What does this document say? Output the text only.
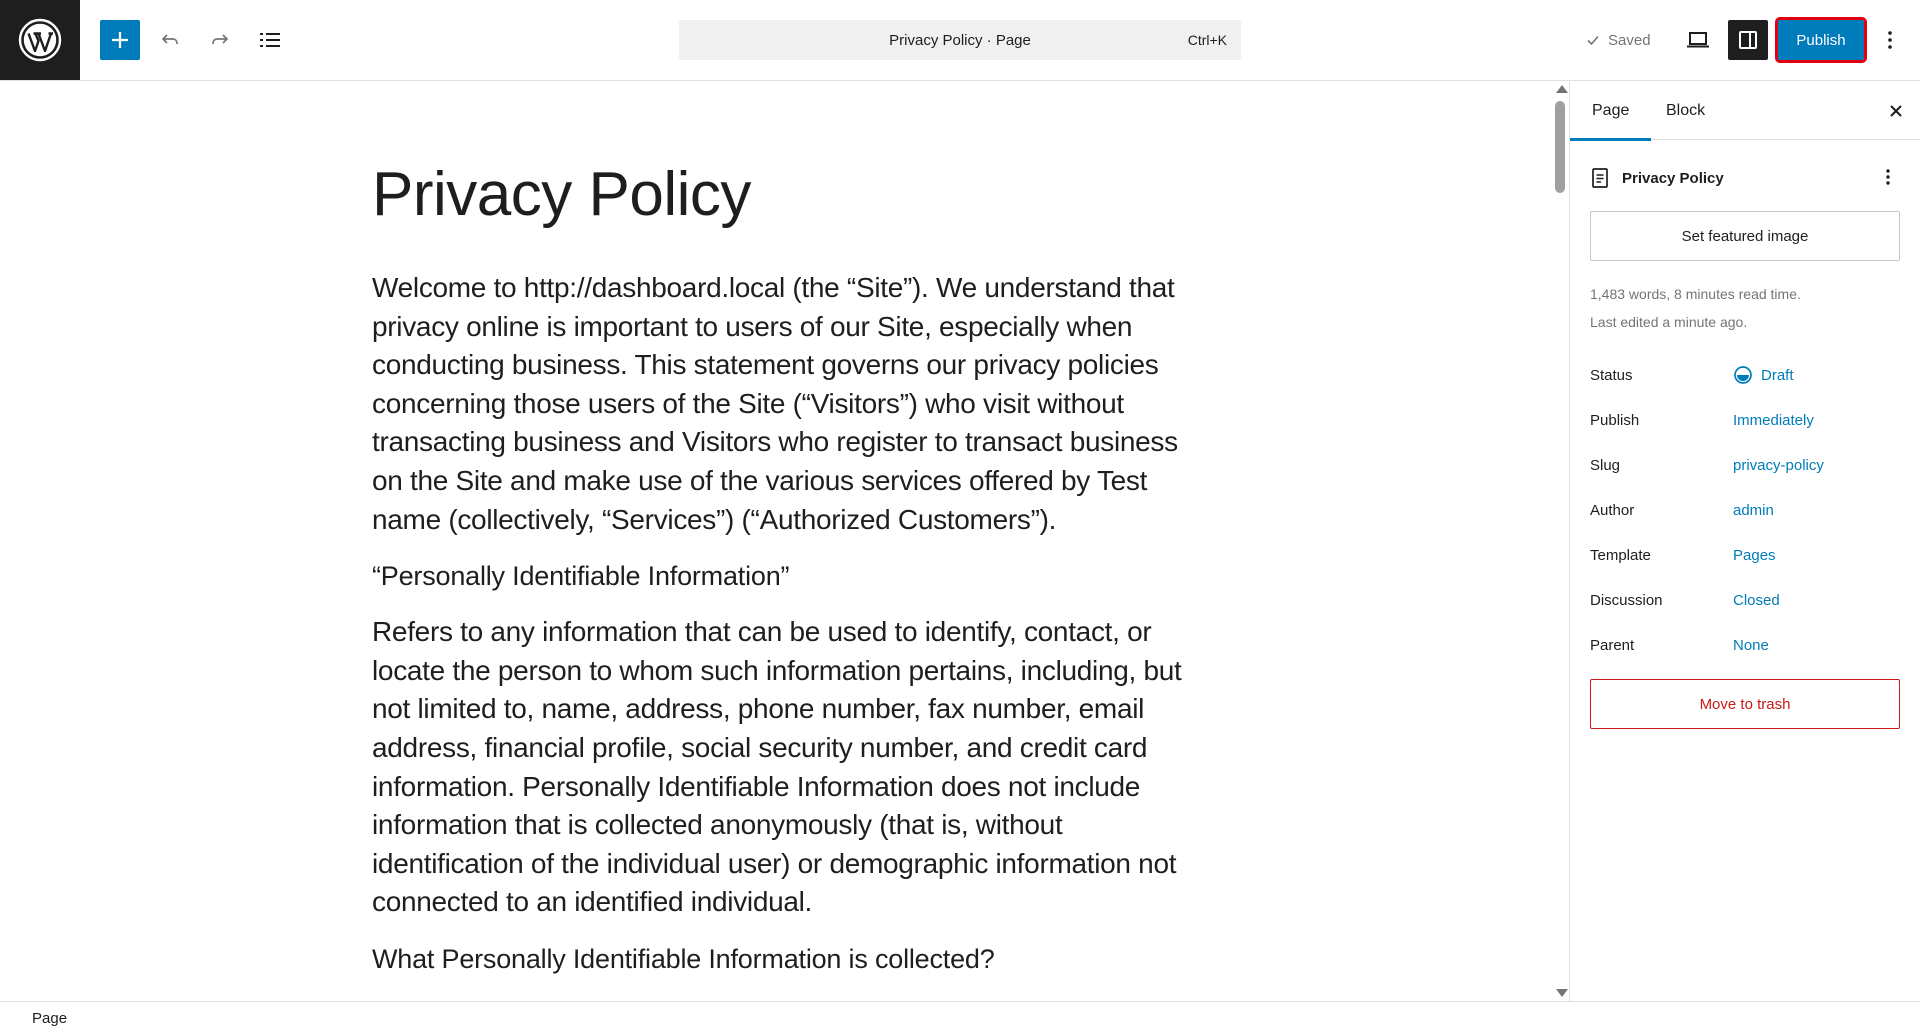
Privacy Policy · Page	Ctrl+K	Saved	Publish
Privacy Policy

Welcome to http://dashboard.local (the “Site”). We understand that privacy online is important to users of our Site, especially when conducting business. This statement governs our privacy policies concerning those users of the Site (“Visitors”) who visit without transacting business and Visitors who register to transact business on the Site and make use of the various services offered by Test name (collectively, “Services”) (“Authorized Customers”).

“Personally Identifiable Information”

Refers to any information that can be used to identify, contact, or locate the person to whom such information pertains, including, but not limited to, name, address, phone number, fax number, email address, financial profile, social security number, and credit card information. Personally Identifiable Information does not include information that is collected anonymously (that is, without identification of the individual user) or demographic information not connected to an identified individual.

What Personally Identifiable Information is collected?

Page Block
Privacy Policy
Set featured image
1,483 words, 8 minutes read time.
Last edited a minute ago.
Status	Draft
Publish	Immediately
Slug	privacy-policy
Author	admin
Template	Pages
Discussion	Closed
Parent	None
Move to trash
Page
